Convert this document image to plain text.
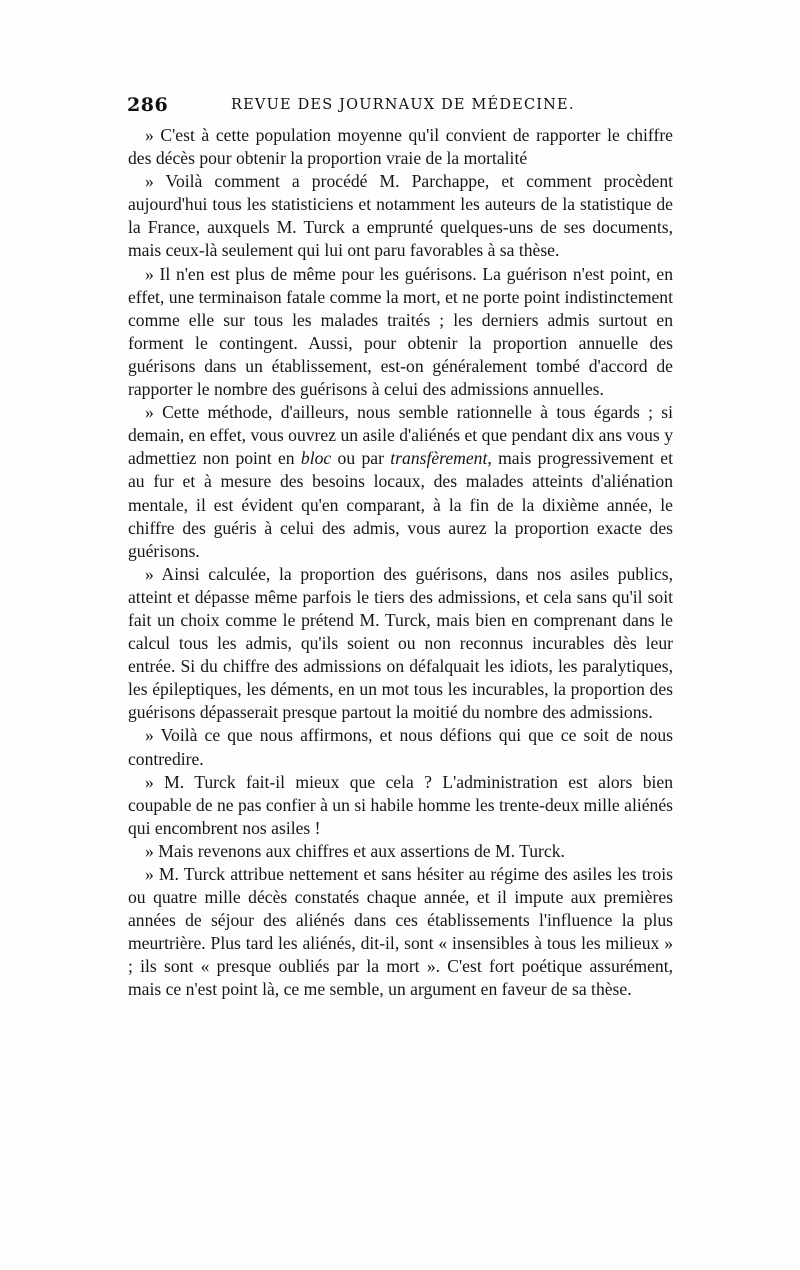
286	REVUE DES JOURNAUX DE MÉDECINE.

» C'est à cette population moyenne qu'il convient de rapporter le chiffre des décès pour obtenir la proportion vraie de la mortalité

» Voilà comment a procédé M. Parchappe, et comment procèdent aujourd'hui tous les statisticiens et notamment les auteurs de la statistique de la France, auxquels M. Turck a emprunté quelques-uns de ses documents, mais ceux-là seulement qui lui ont paru favorables à sa thèse.

» Il n'en est plus de même pour les guérisons. La guérison n'est point, en effet, une terminaison fatale comme la mort, et ne porte point indistinctement comme elle sur tous les malades traités ; les derniers admis surtout en forment le contingent. Aussi, pour obtenir la proportion annuelle des guérisons dans un établissement, est-on généralement tombé d'accord de rapporter le nombre des guérisons à celui des admissions annuelles.

» Cette méthode, d'ailleurs, nous semble rationnelle à tous égards ; si demain, en effet, vous ouvrez un asile d'aliénés et que pendant dix ans vous y admettiez non point en bloc ou par transfèrement, mais progressivement et au fur et à mesure des besoins locaux, des malades atteints d'aliénation mentale, il est évident qu'en comparant, à la fin de la dixième année, le chiffre des guéris à celui des admis, vous aurez la proportion exacte des guérisons.

» Ainsi calculée, la proportion des guérisons, dans nos asiles publics, atteint et dépasse même parfois le tiers des admissions, et cela sans qu'il soit fait un choix comme le prétend M. Turck, mais bien en comprenant dans le calcul tous les admis, qu'ils soient ou non reconnus incurables dès leur entrée. Si du chiffre des admissions on défalquait les idiots, les paralytiques, les épileptiques, les déments, en un mot tous les incurables, la proportion des guérisons dépasserait presque partout la moitié du nombre des admissions.

» Voilà ce que nous affirmons, et nous défions qui que ce soit de nous contredire.

» M. Turck fait-il mieux que cela ? L'administration est alors bien coupable de ne pas confier à un si habile homme les trente-deux mille aliénés qui encombrent nos asiles !

» Mais revenons aux chiffres et aux assertions de M. Turck.

» M. Turck attribue nettement et sans hésiter au régime des asiles les trois ou quatre mille décès constatés chaque année, et il impute aux premières années de séjour des aliénés dans ces établissements l'influence la plus meurtrière. Plus tard les aliénés, dit-il, sont « insensibles à tous les milieux » ; ils sont « presque oubliés par la mort ». C'est fort poétique assurément, mais ce n'est point là, ce me semble, un argument en faveur de sa thèse.
